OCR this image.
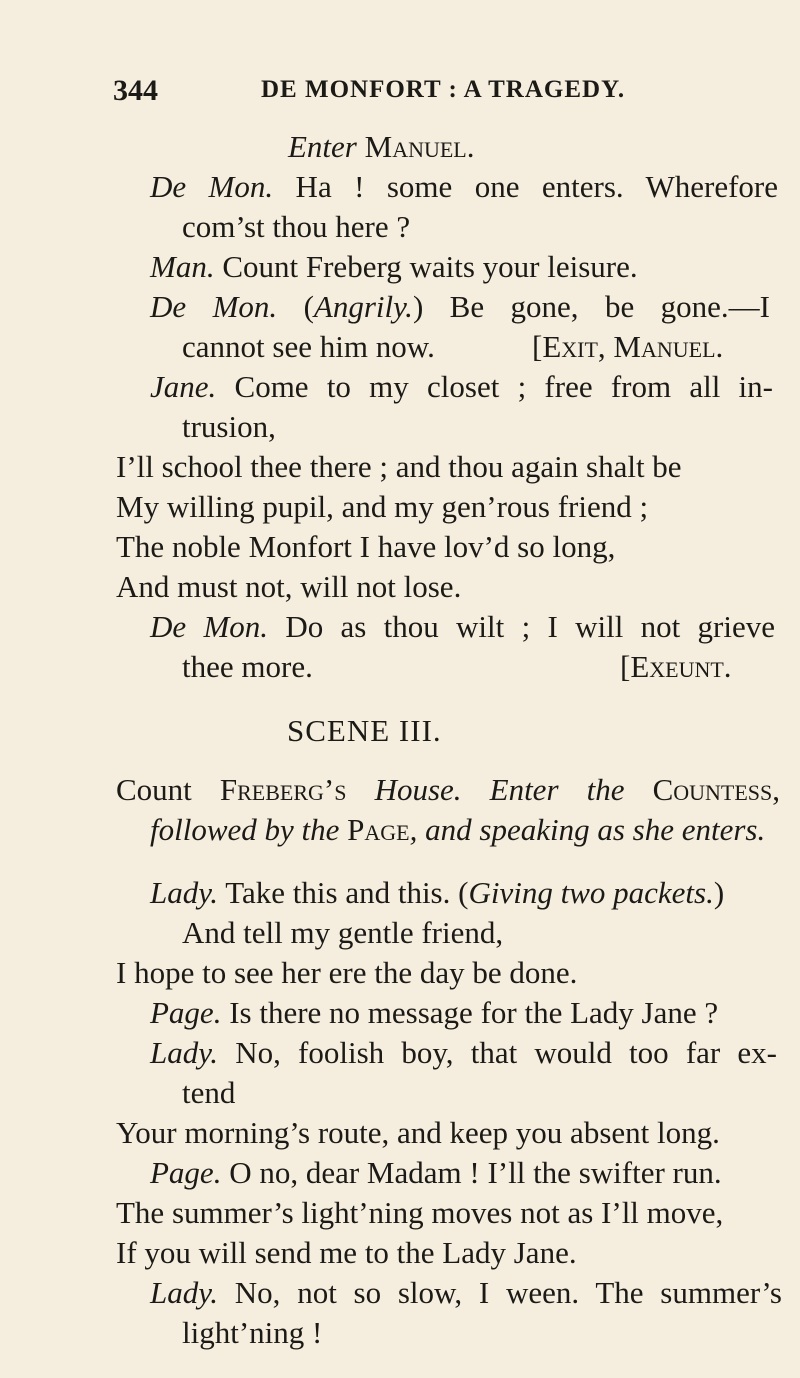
344	DE MONFORT : A TRAGEDY.
Enter Manuel.
De Mon. Ha ! some one enters. Wherefore
com’st thou here ?
Man. Count Freberg waits your leisure.
De Mon. (Angrily.) Be gone, be gone.—I
cannot see him now.	[Exit, Manuel.
Jane. Come to my closet ; free from all in-
trusion,
I’ll school thee there ; and thou again shalt be
My willing pupil, and my gen’rous friend ;
The noble Monfort I have lov’d so long,
And must not, will not lose.
De Mon. Do as thou wilt ; I will not grieve
thee more.	[Exeunt.
SCENE III.
Count Freberg’s House. Enter the Countess,
followed by the Page, and speaking as she enters.
Lady. Take this and this. (Giving two packets.)
And tell my gentle friend,
I hope to see her ere the day be done.
Page. Is there no message for the Lady Jane ?
Lady. No, foolish boy, that would too far ex-
tend
Your morning’s route, and keep you absent long.
Page. O no, dear Madam ! I’ll the swifter run.
The summer’s light’ning moves not as I’ll move,
If you will send me to the Lady Jane.
Lady. No, not so slow, I ween. The summer’s
light’ning !
